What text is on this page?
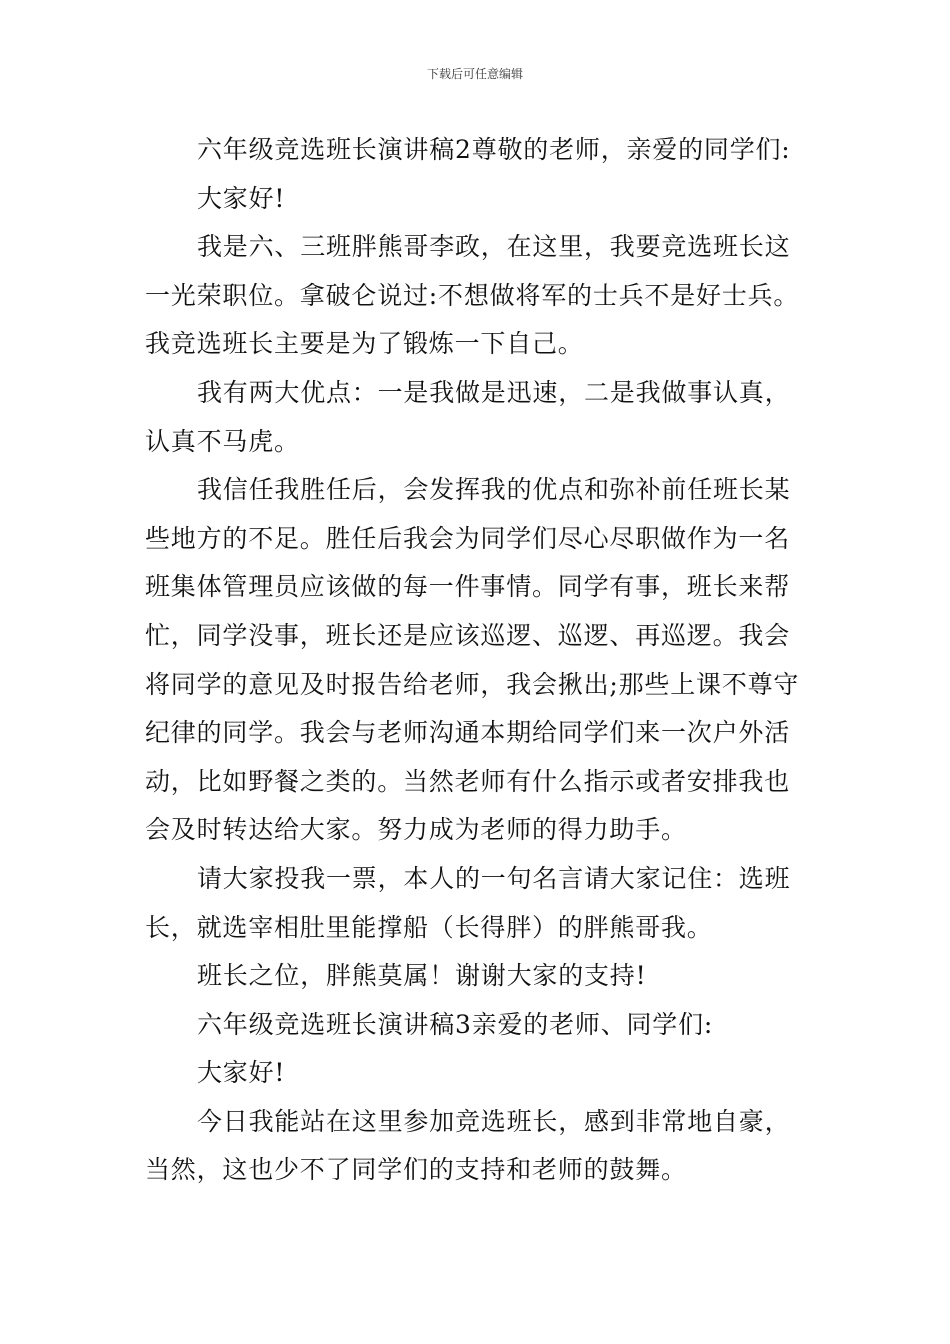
下载后可任意编辑

六年级竞选班长演讲稿2尊敬的老师，亲爱的同学们:

大家好!

我是六、三班胖熊哥李政，在这里，我要竞选班长这一光荣职位。拿破仑说过:不想做将军的士兵不是好士兵。我竞选班长主要是为了锻炼一下自己。

我有两大优点：一是我做是迅速，二是我做事认真，认真不马虎。

我信任我胜任后，会发挥我的优点和弥补前任班长某些地方的不足。胜任后我会为同学们尽心尽职做作为一名班集体管理员应该做的每一件事情。同学有事，班长来帮忙，同学没事，班长还是应该巡逻、巡逻、再巡逻。我会将同学的意见及时报告给老师，我会揪出;那些上课不尊守纪律的同学。我会与老师沟通本期给同学们来一次户外活动，比如野餐之类的。当然老师有什么指示或者安排我也会及时转达给大家。努力成为老师的得力助手。

请大家投我一票，本人的一句名言请大家记住：选班长，就选宰相肚里能撑船（长得胖）的胖熊哥我。

班长之位，胖熊莫属！谢谢大家的支持!

六年级竞选班长演讲稿3亲爱的老师、同学们:

大家好!

今日我能站在这里参加竞选班长，感到非常地自豪，当然，这也少不了同学们的支持和老师的鼓舞。
